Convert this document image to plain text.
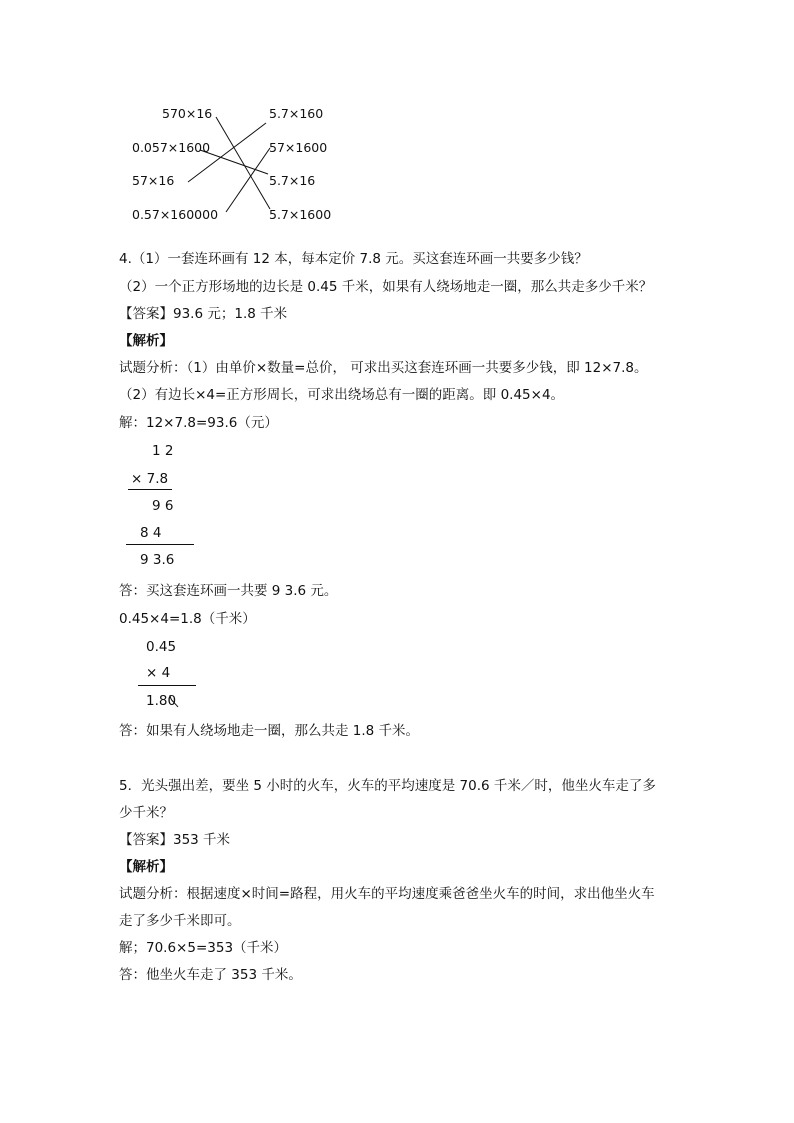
570×16
0.057×1600
57×16
0.57×160000
5.7×160
57×1600
5.7×16
5.7×1600
4.（1）一套连环画有 12 本，每本定价 7.8 元。买这套连环画一共要多少钱？
（2）一个正方形场地的边长是 0.45 千米，如果有人绕场地走一圈，那么共走多少千米？
【答案】93.6 元；1.8 千米
【解析】
试题分析：（1）由单价×数量=总价， 可求出买这套连环画一共要多少钱，即 12×7.8。
（2）有边长×4=正方形周长，可求出绕场总有一圈的距离。即 0.45×4。
解：12×7.8=93.6（元）
1 2
× 7.8
9 6
8 4
9 3.6
答：买这套连环画一共要 9 3.6 元。
0.45×4=1.8（千米）
0.45
× 4
1.80
答：如果有人绕场地走一圈，那么共走 1.8 千米。
5．光头强出差，要坐 5 小时的火车，火车的平均速度是 70.6 千米／时，他坐火车走了多
少千米？
【答案】353 千米
【解析】
试题分析：根据速度×时间=路程，用火车的平均速度乘爸爸坐火车的时间，求出他坐火车
走了多少千米即可。
解；70.6×5=353（千米）
答：他坐火车走了 353 千米。
